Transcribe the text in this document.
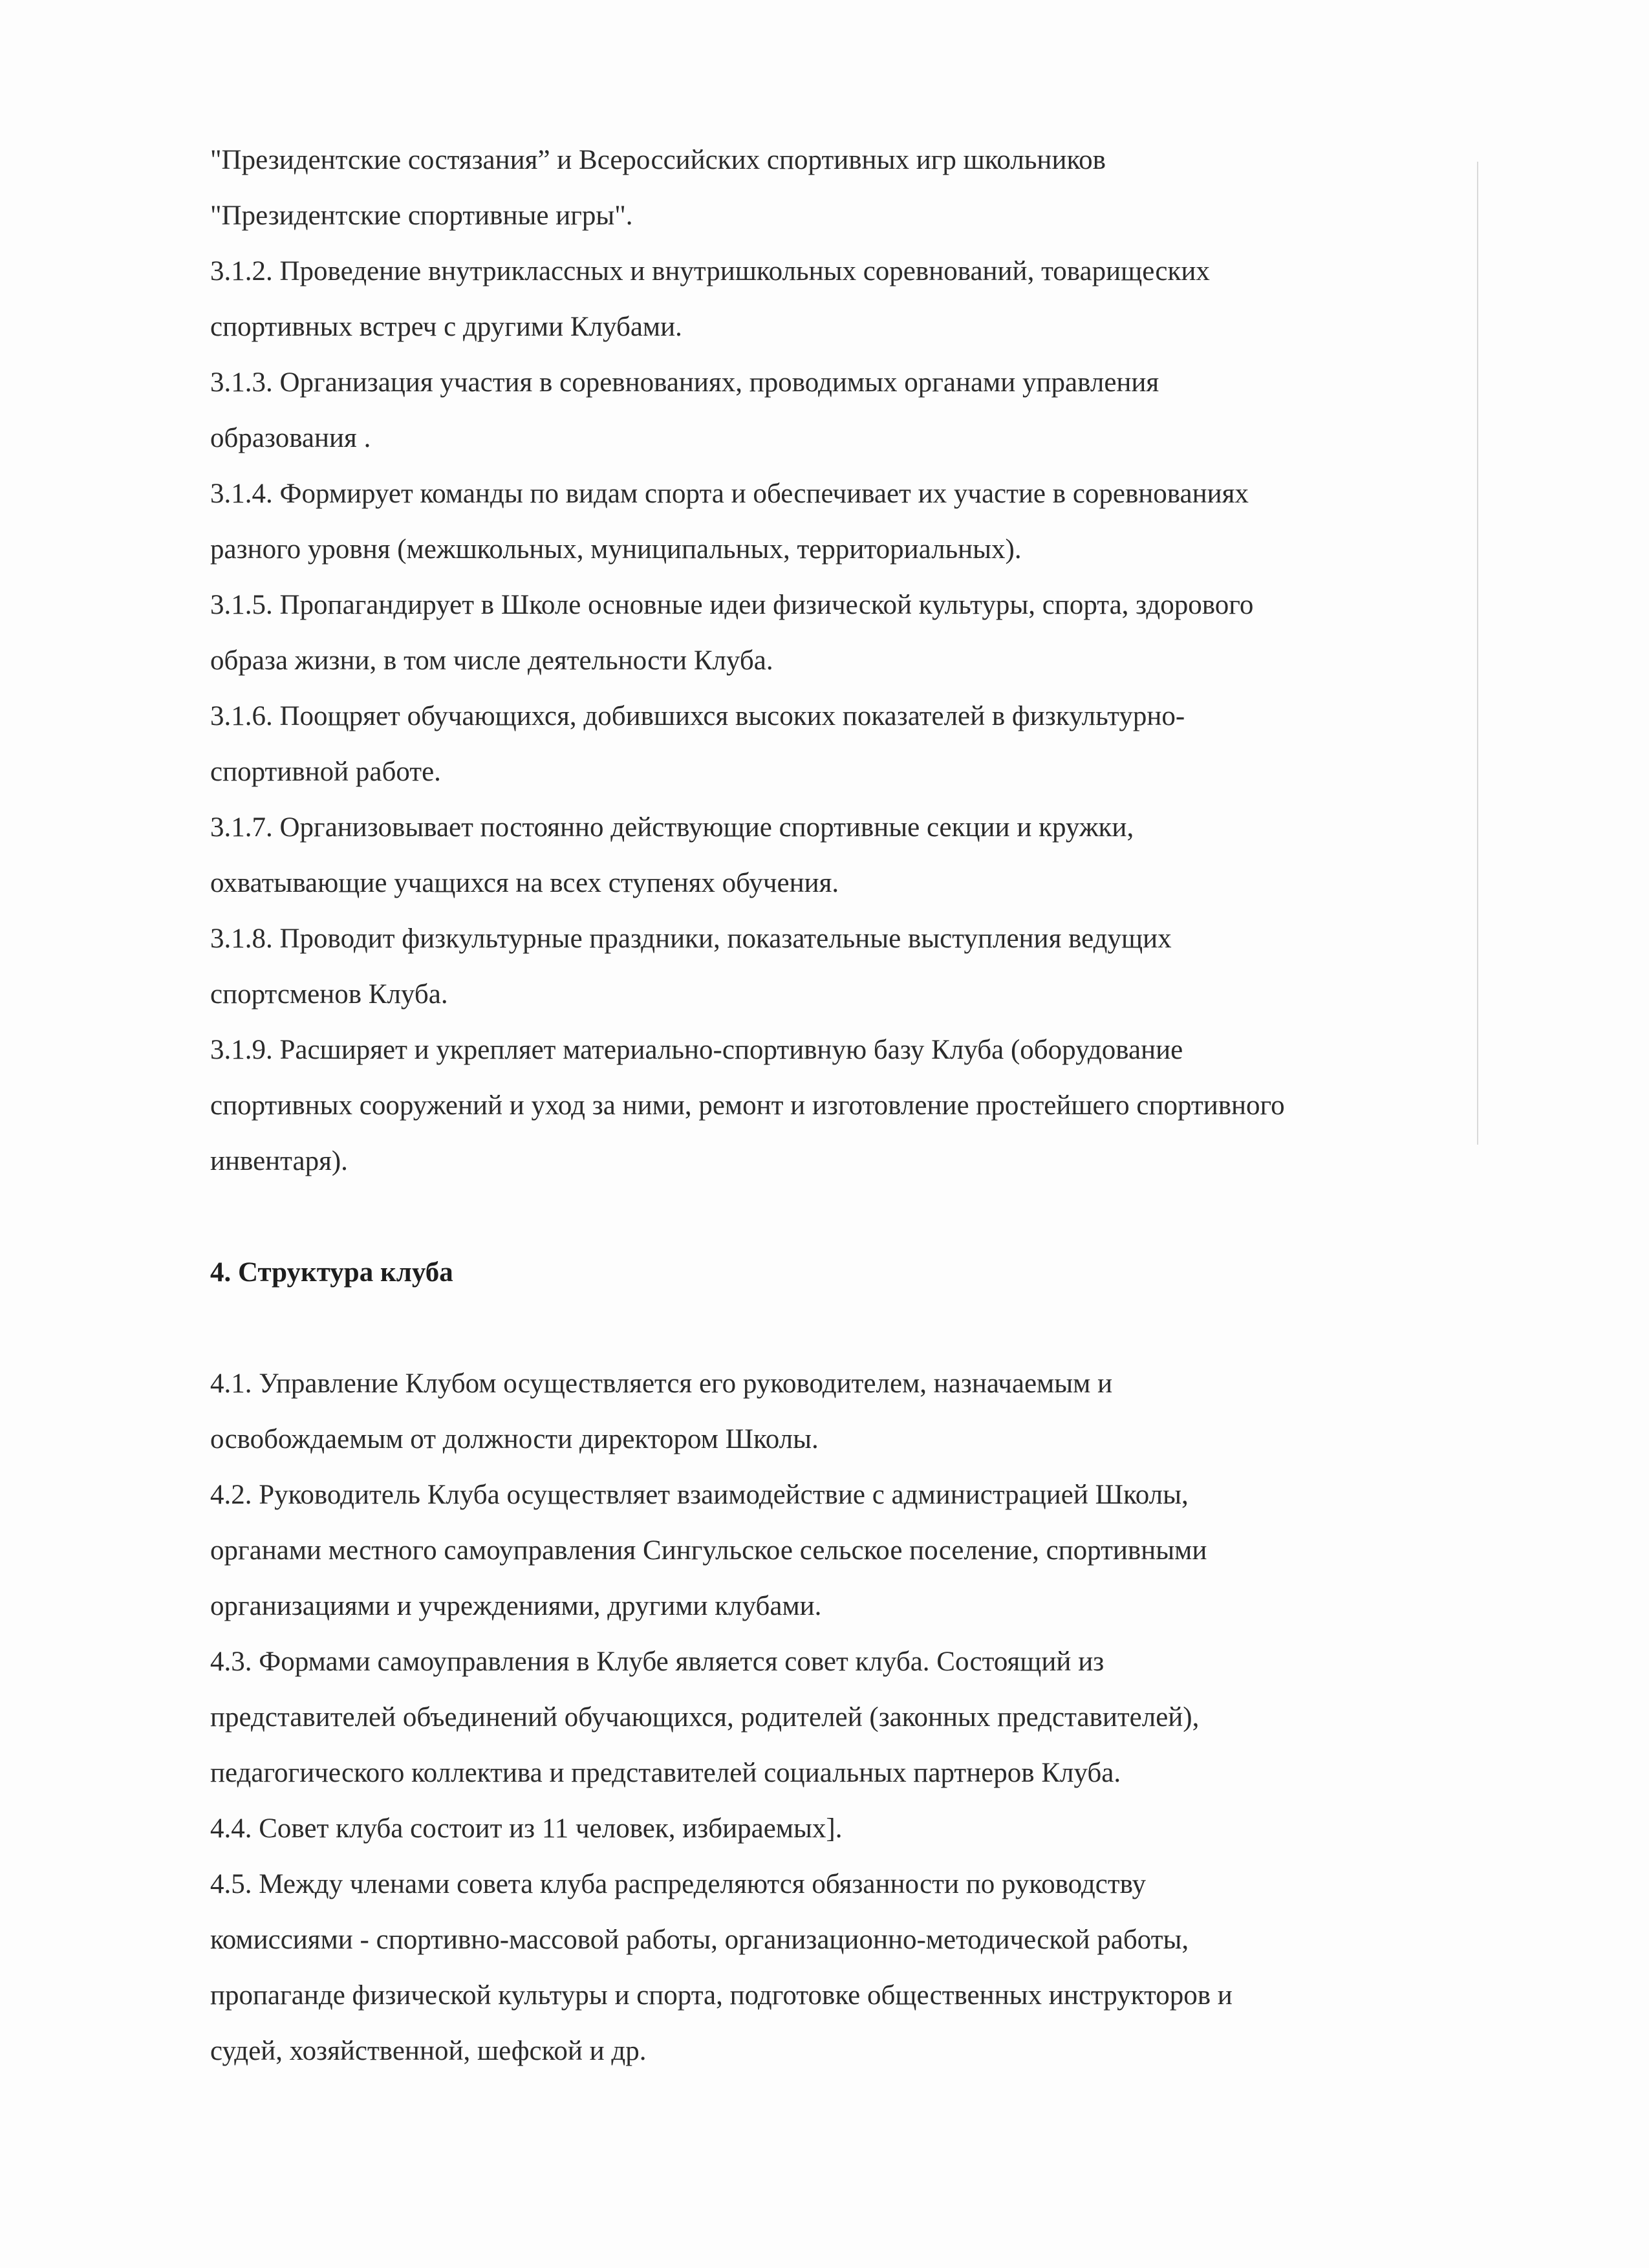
"Президентские состязания” и Всероссийских спортивных игр школьников
"Президентские спортивные игры".
3.1.2. Проведение внутриклассных и внутришкольных соревнований, товарищеских
спортивных встреч с другими Клубами.
3.1.3. Организация участия в соревнованиях, проводимых органами управления
образования .
3.1.4. Формирует команды по видам спорта и обеспечивает их участие в соревнованиях
разного уровня (межшкольных, муниципальных, территориальных).
3.1.5. Пропагандирует в Школе основные идеи физической культуры, спорта, здорового
образа жизни, в том числе деятельности Клуба.
3.1.6. Поощряет обучающихся, добившихся высоких показателей в физкультурно-
спортивной работе.
3.1.7. Организовывает постоянно действующие спортивные секции и кружки,
охватывающие учащихся на всех ступенях обучения.
3.1.8. Проводит физкультурные праздники, показательные выступления ведущих
спортсменов Клуба.
3.1.9. Расширяет и укрепляет материально-спортивную базу Клуба (оборудование
спортивных сооружений и уход за ними, ремонт и изготовление простейшего спортивного
инвентаря).
4. Структура клуба
4.1. Управление Клубом осуществляется его руководителем, назначаемым и
освобождаемым от должности директором Школы.
4.2. Руководитель Клуба осуществляет взаимодействие с администрацией Школы,
органами местного самоуправления Сингульское сельское поселение, спортивными
организациями и учреждениями, другими клубами.
4.3. Формами самоуправления в Клубе является совет клуба. Состоящий из
представителей объединений обучающихся, родителей (законных представителей),
педагогического коллектива и представителей социальных партнеров Клуба.
4.4. Совет клуба состоит из 11 человек, избираемых].
4.5. Между членами совета клуба распределяются обязанности по руководству
комиссиями - спортивно-массовой работы, организационно-методической работы,
пропаганде физической культуры и спорта, подготовке общественных инструкторов и
судей, хозяйственной, шефской и др.
